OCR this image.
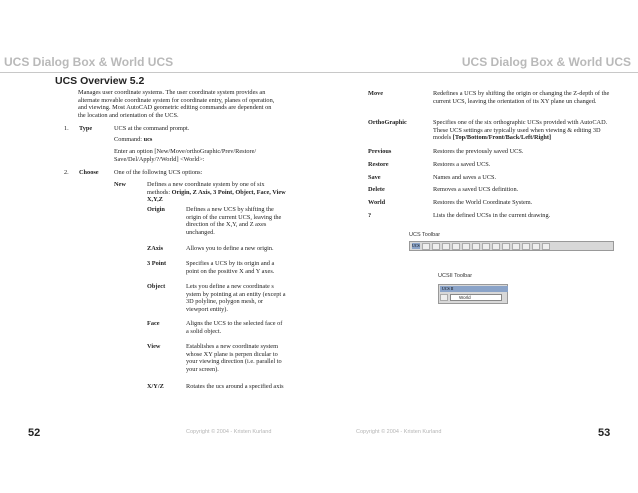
UCS Dialog Box & World UCS
UCS Overview 5.2
Manages user coordinate systems. The user coordinate system provides an alternate movable coordinate system for coordinate entry, planes of operation, and viewing. Most AutoCAD geometric editing commands are dependent on the location and orientation of the UCS.
1. Type	UCS at the command prompt.
Command: ucs
Enter an option [New/Move/orthoGraphic/Prev/Restore/ Save/Del/Apply/?/World] <World>:
2. Choose One of the following UCS options:
New	Defines a new coordinate system by one of six methods: Origin, Z Axis, 3 Point, Object, Face, View X,Y,Z
Origin	Defines a new UCS by shifting the origin of the current UCS, leaving the direction of the X,Y, and Z axes unchanged.
ZAxis	Allows you to define a new origin.
3 Point	Specifies a UCS by its origin and a point on the positive X and Y axes.
Object	Lets you define a new coordinate s ystem by pointing at an entity (except a 3D polyline, polygon mesh, or viewport entity).
Face	Aligns the UCS to the selected face of a solid object.
View	Establishes a new coordinate system whose XY plane is perpen dicular to your viewing direction (i.e. parallel to your screen).
X/Y/Z	Rotates the ucs around a specified axis
52	Copyright © 2004 - Kristen Kurland
UCS Dialog Box & World UCS
Move	Redefines a UCS by shifting the origin or changing the Z-depth of the current UCS, leaving the orientation of its XY plane un changed.
OrthoGraphic	Specifies one of the six orthographic UCSs provided with AutoCAD. These UCS settings are typically used when viewing & editing 3D models [Top/Bottom/Front/Back/Left/Right]
Previous	Restores the previously saved UCS.
Restore	Restores a saved UCS.
Save	Names and saves a UCS.
Delete	Removes a saved UCS definition.
World	Restores the World Coordinate System.
?	Lists the defined UCSs in the current drawing.
UCS Toolbar
UCS
UCSII Toolbar
UCS II
World
Copyright © 2004 - Kristen Kurland	53
